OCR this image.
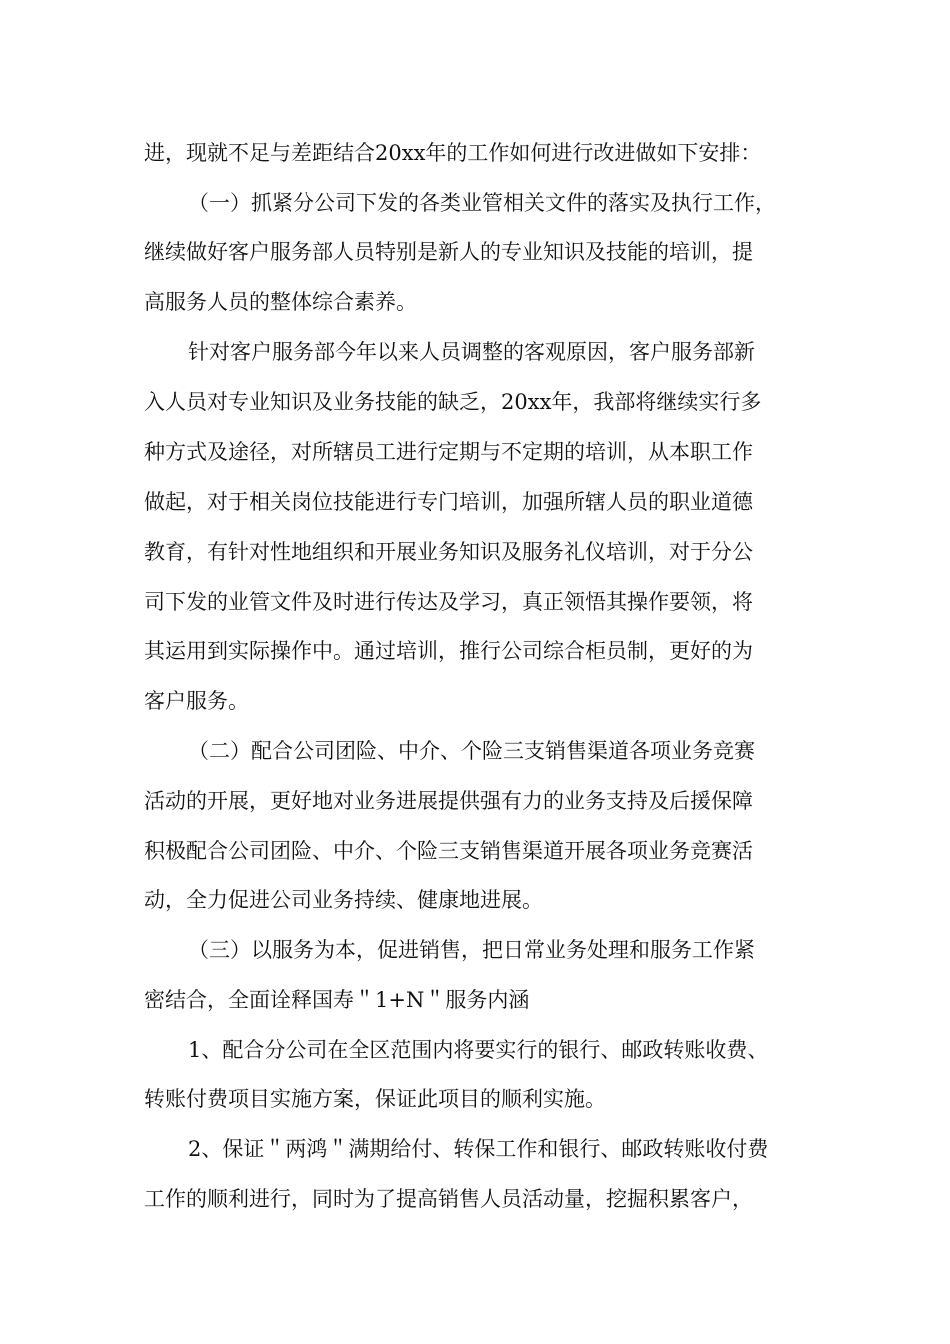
进，现就不足与差距结合20xx年的工作如何进行改进做如下安排：
（一）抓紧分公司下发的各类业管相关文件的落实及执行工作，
继续做好客户服务部人员特别是新人的专业知识及技能的培训，提
高服务人员的整体综合素养。
针对客户服务部今年以来人员调整的客观原因，客户服务部新
入人员对专业知识及业务技能的缺乏，20xx年，我部将继续实行多
种方式及途径，对所辖员工进行定期与不定期的培训，从本职工作
做起，对于相关岗位技能进行专门培训，加强所辖人员的职业道德
教育，有针对性地组织和开展业务知识及服务礼仪培训，对于分公
司下发的业管文件及时进行传达及学习，真正领悟其操作要领，将
其运用到实际操作中。通过培训，推行公司综合柜员制，更好的为
客户服务。
（二）配合公司团险、中介、个险三支销售渠道各项业务竞赛
活动的开展，更好地对业务进展提供强有力的业务支持及后援保障
积极配合公司团险、中介、个险三支销售渠道开展各项业务竞赛活
动，全力促进公司业务持续、健康地进展。
（三）以服务为本，促进销售，把日常业务处理和服务工作紧
密结合，全面诠释国寿＂1+N＂服务内涵
1、配合分公司在全区范围内将要实行的银行、邮政转账收费、
转账付费项目实施方案，保证此项目的顺利实施。
2、保证＂两鸿＂满期给付、转保工作和银行、邮政转账收付费
工作的顺利进行，同时为了提高销售人员活动量，挖掘积累客户，
